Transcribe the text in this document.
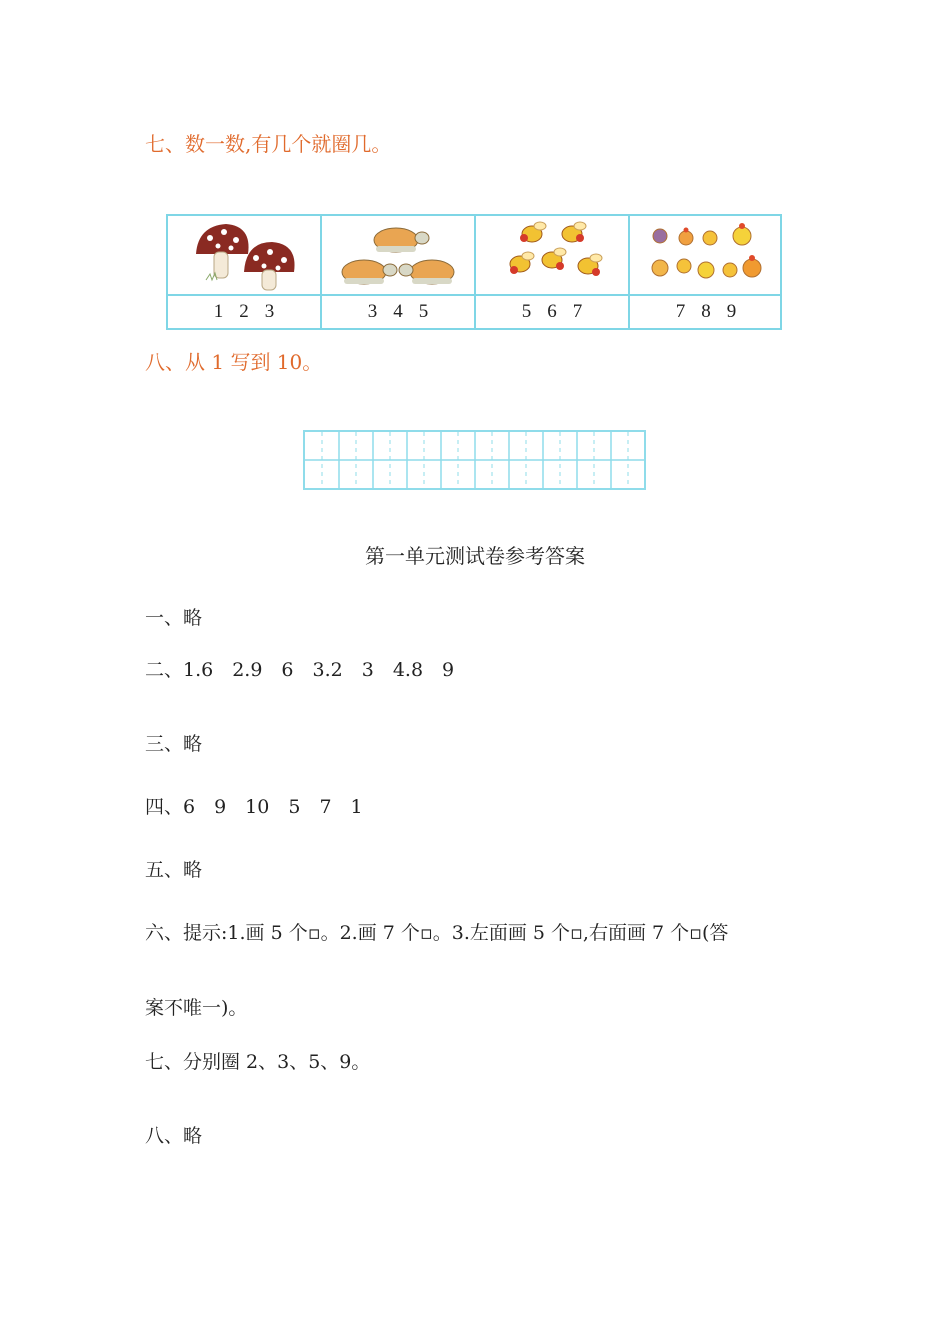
七、数一数,有几个就圈几。
1 2 3	3 4 5	5 6 7	7 8 9
八、从 1 写到 10。
第一单元测试卷参考答案
一、略
二、1.6　2.9　6　3.2　3　4.8　9
三、略
四、6　9　10　5　7　1
五、略
六、提示:1.画 5 个▫。2.画 7 个▫。3.左面画 5 个▫,右面画 7 个▫(答
案不唯一)。
七、分别圈 2、3、5、9。
八、略
